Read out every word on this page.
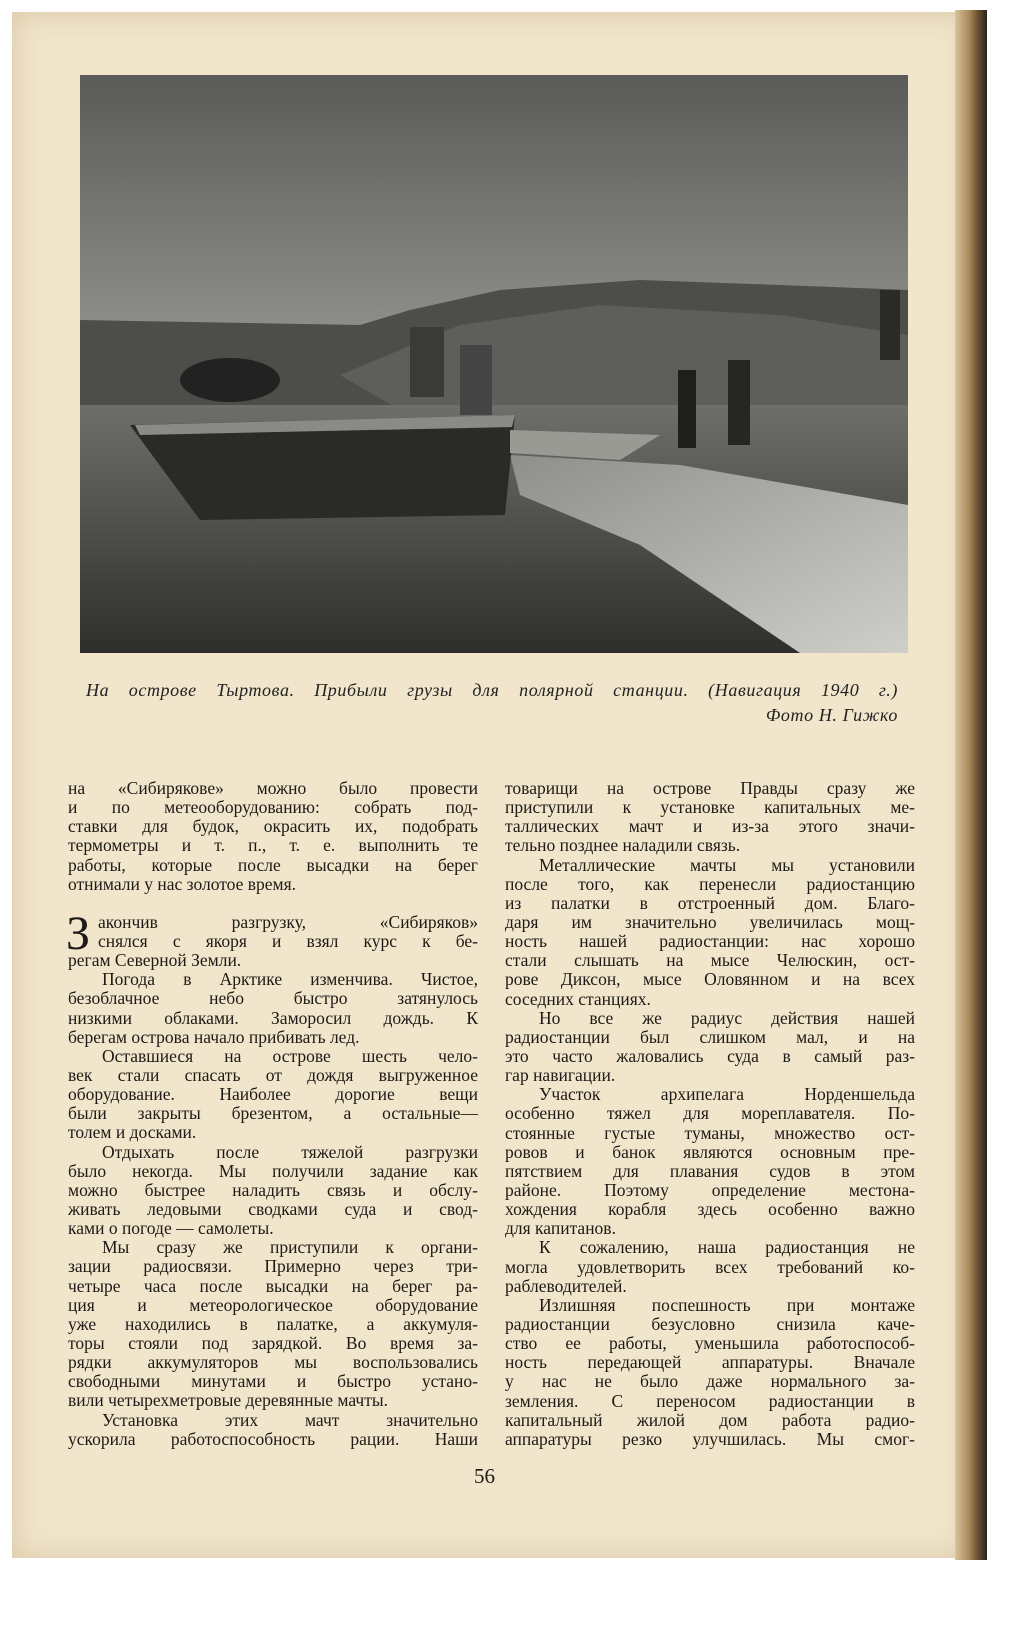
На острове Тыртова. Прибыли грузы для полярной станции. (Навигация 1940 г.)
Фото Н. Гижко
на «Сибирякове» можно было провести
и по метеооборудованию: собрать под-
ставки для будок, окрасить их, подобрать
термометры и т. п., т. е. выполнить те
работы, которые после высадки на берег
отнимали у нас золотое время.
З акончив разгрузку, «Сибиряков»
снялся с якоря и взял курс к бе-
регам Северной Земли.
Погода в Арктике изменчива. Чистое,
безоблачное небо быстро затянулось
низкими облаками. Заморосил дождь. К
берегам острова начало прибивать лед.
Оставшиеся на острове шесть чело-
век стали спасать от дождя выгруженное
оборудование. Наиболее дорогие вещи
были закрыты брезентом, а остальные—
толем и досками.
Отдыхать после тяжелой разгрузки
было некогда. Мы получили задание как
можно быстрее наладить связь и обслу-
живать ледовыми сводками суда и свод-
ками о погоде — самолеты.
Мы сразу же приступили к органи-
зации радиосвязи. Примерно через три-
четыре часа после высадки на берег ра-
ция и метеорологическое оборудование
уже находились в палатке, а аккумуля-
торы стояли под зарядкой. Во время за-
рядки аккумуляторов мы воспользовались
свободными минутами и быстро устано-
вили четырехметровые деревянные мачты.
Установка этих мачт значительно
ускорила работоспособность рации. Наши
товарищи на острове Правды сразу же
приступили к установке капитальных ме-
таллических мачт и из-за этого значи-
тельно позднее наладили связь.
Металлические мачты мы установили
после того, как перенесли радиостанцию
из палатки в отстроенный дом. Благо-
даря им значительно увеличилась мощ-
ность нашей радиостанции: нас хорошо
стали слышать на мысе Челюскин, ост-
рове Диксон, мысе Оловянном и на всех
соседних станциях.
Но все же радиус действия нашей
радиостанции был слишком мал, и на
это часто жаловались суда в самый раз-
гар навигации.
Участок архипелага Норденшельда
особенно тяжел для мореплавателя. По-
стоянные густые туманы, множество ост-
ровов и банок являются основным пре-
пятствием для плавания судов в этом
районе. Поэтому определение местона-
хождения корабля здесь особенно важно
для капитанов.
К сожалению, наша радиостанция не
могла удовлетворить всех требований ко-
раблеводителей.
Излишняя поспешность при монтаже
радиостанции безусловно снизила каче-
ство ее работы, уменьшила работоспособ-
ность передающей аппаратуры. Вначале
у нас не было даже нормального за-
земления. С переносом радиостанции в
капитальный жилой дом работа радио-
аппаратуры резко улучшилась. Мы смог-
56
